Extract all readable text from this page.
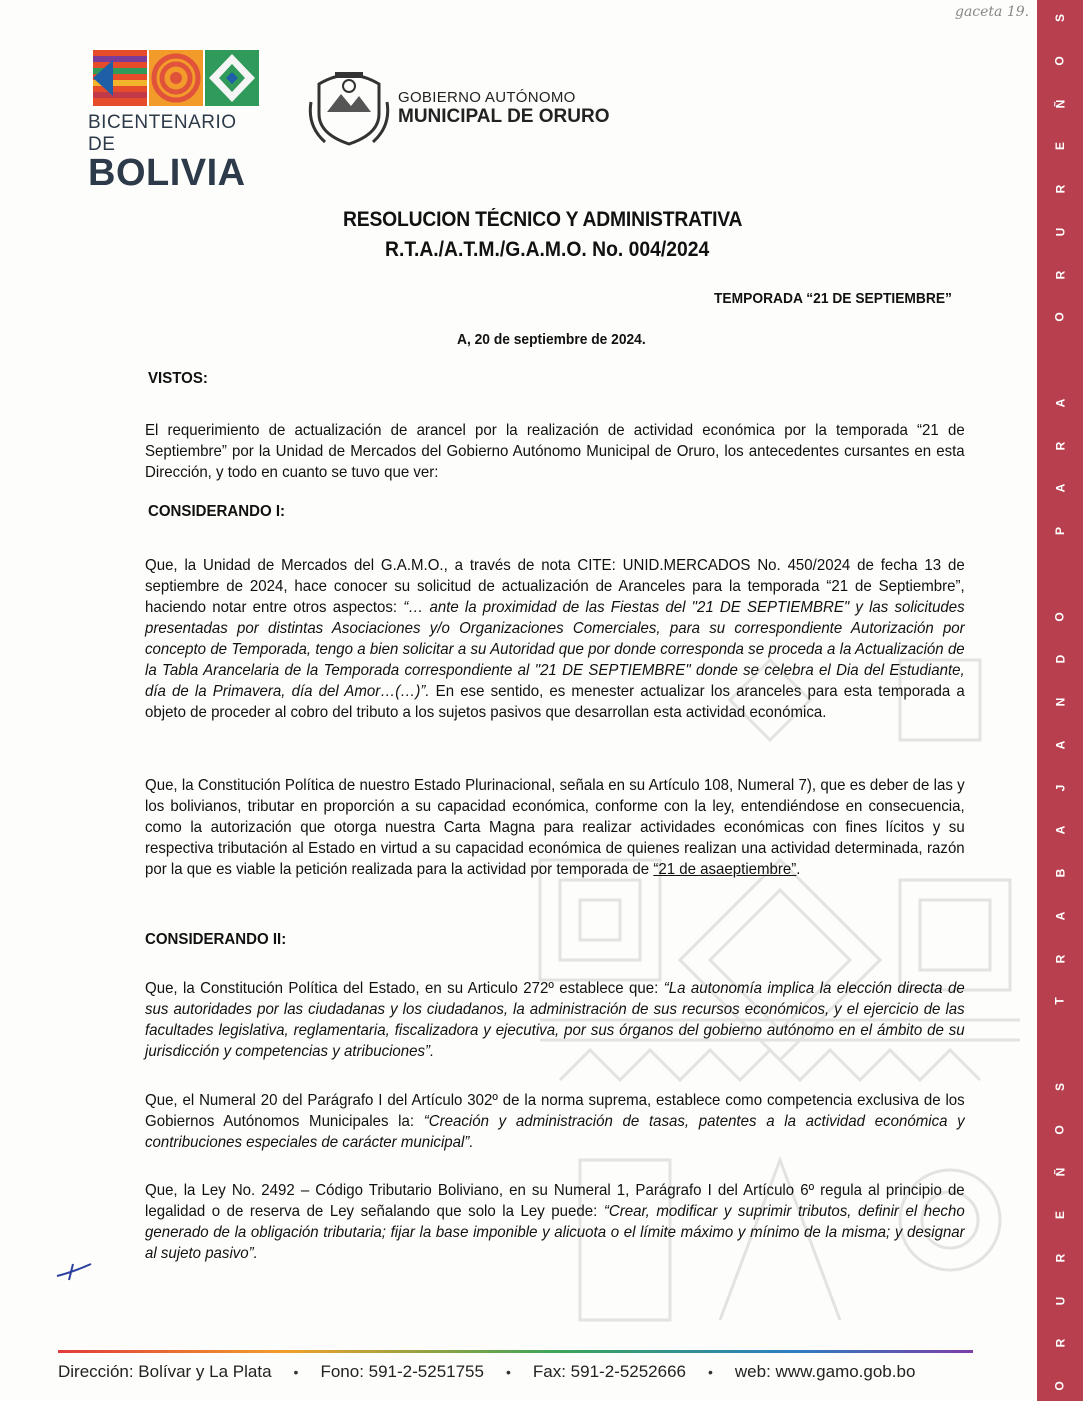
S
O
Ñ
E
R
U
R
O

A
R
A
P

O
D
N
A
J
A
B
A
R
T

S
O
Ñ
E
R
U
R
O
gaceta 19.
BICENTENARIO DE
BOLIVIA
GOBIERNO AUTÓNOMO
MUNICIPAL DE ORURO
RESOLUCION TÉCNICO Y ADMINISTRATIVA
R.T.A./A.T.M./G.A.M.O. No. 004/2024
TEMPORADA “21 DE SEPTIEMBRE”
A, 20 de septiembre de 2024.
VISTOS:
El requerimiento de actualización de arancel por la realización de actividad económica por la temporada “21 de Septiembre” por la Unidad de Mercados del Gobierno Autónomo Municipal de Oruro, los antecedentes cursantes en esta Dirección, y todo en cuanto se tuvo que ver:
CONSIDERANDO I:
Que, la Unidad de Mercados del G.A.M.O., a través de nota CITE: UNID.MERCADOS No. 450/2024 de fecha 13 de septiembre de 2024, hace conocer su solicitud de actualización de Aranceles para la temporada “21 de Septiembre”, haciendo notar entre otros aspectos: “… ante la proximidad de las Fiestas del "21 DE SEPTIEMBRE" y las solicitudes presentadas por distintas Asociaciones y/o Organizaciones Comerciales, para su correspondiente Autorización por concepto de Temporada, tengo a bien solicitar a su Autoridad que por donde corresponda se proceda a la Actualización de la Tabla Arancelaria de la Temporada correspondiente al "21 DE SEPTIEMBRE" donde se celebra el Dia del Estudiante, día de la Primavera, día del Amor…(…)”. En ese sentido, es menester actualizar los aranceles para esta temporada a objeto de proceder al cobro del tributo a los sujetos pasivos que desarrollan esta actividad económica.
Que, la Constitución Política de nuestro Estado Plurinacional, señala en su Artículo 108, Numeral 7), que es deber de las y los bolivianos, tributar en proporción a su capacidad económica, conforme con la ley, entendiéndose en consecuencia, como la autorización que otorga nuestra Carta Magna para realizar actividades económicas con fines lícitos y su respectiva tributación al Estado en virtud a su capacidad económica de quienes realizan una actividad determinada, razón por la que es viable la petición realizada para la actividad por temporada de “21 de asaeptiembre”.
CONSIDERANDO II:
Que, la Constitución Política del Estado, en su Articulo 272º establece que: “La autonomía implica la elección directa de sus autoridades por las ciudadanas y los ciudadanos, la administración de sus recursos económicos, y el ejercicio de las facultades legislativa, reglamentaria, fiscalizadora y ejecutiva, por sus órganos del gobierno autónomo en el ámbito de su jurisdicción y competencias y atribuciones”.
Que, el Numeral 20 del Parágrafo I del Artículo 302º de la norma suprema, establece como competencia exclusiva de los Gobiernos Autónomos Municipales la: “Creación y administración de tasas, patentes a la actividad económica y contribuciones especiales de carácter municipal”.
Que, la Ley No. 2492 – Código Tributario Boliviano, en su Numeral 1, Parágrafo I del Artículo 6º regula al principio de legalidad o de reserva de Ley señalando que solo la Ley puede: “Crear, modificar y suprimir tributos, definir el hecho generado de la obligación tributaria; fijar la base imponible y alicuota o el límite máximo y mínimo de la misma; y designar al sujeto pasivo”.
Dirección: Bolívar y La Plata • Fono: 591-2-5251755 • Fax: 591-2-5252666 • web: www.gamo.gob.bo
